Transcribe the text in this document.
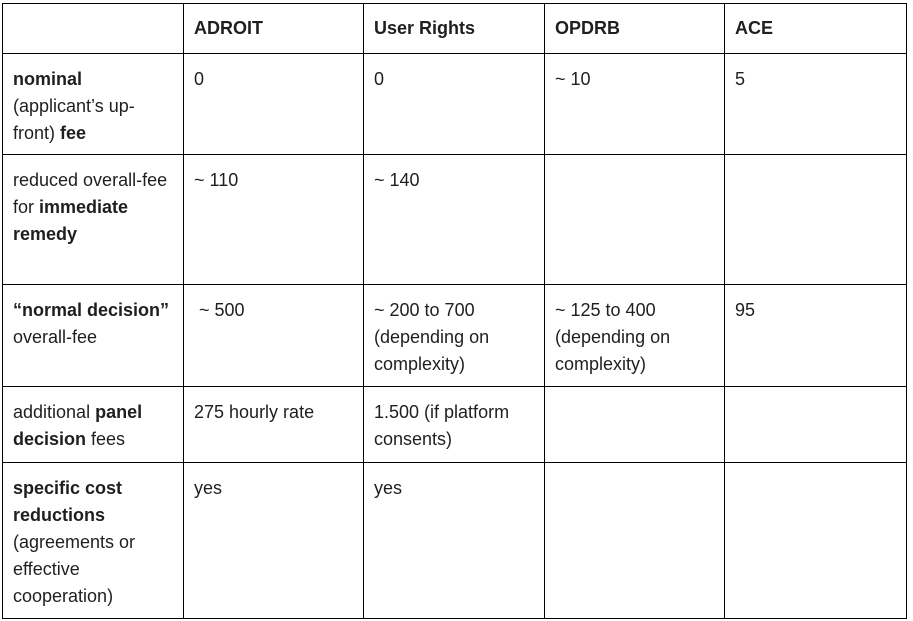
	ADROIT	User Rights	OPDRB	ACE
nominal (applicant’s up-front) fee	0	0	~ 10	5
reduced overall-fee for immediate remedy	~ 110	~ 140		
“normal decision” overall-fee	~ 500	~ 200 to 700 (depending on complexity)	~ 125 to 400 (depending on complexity)	95
additional panel decision fees	275 hourly rate	1.500 (if platform consents)		
specific cost reductions (agreements or effective cooperation)	yes	yes		
